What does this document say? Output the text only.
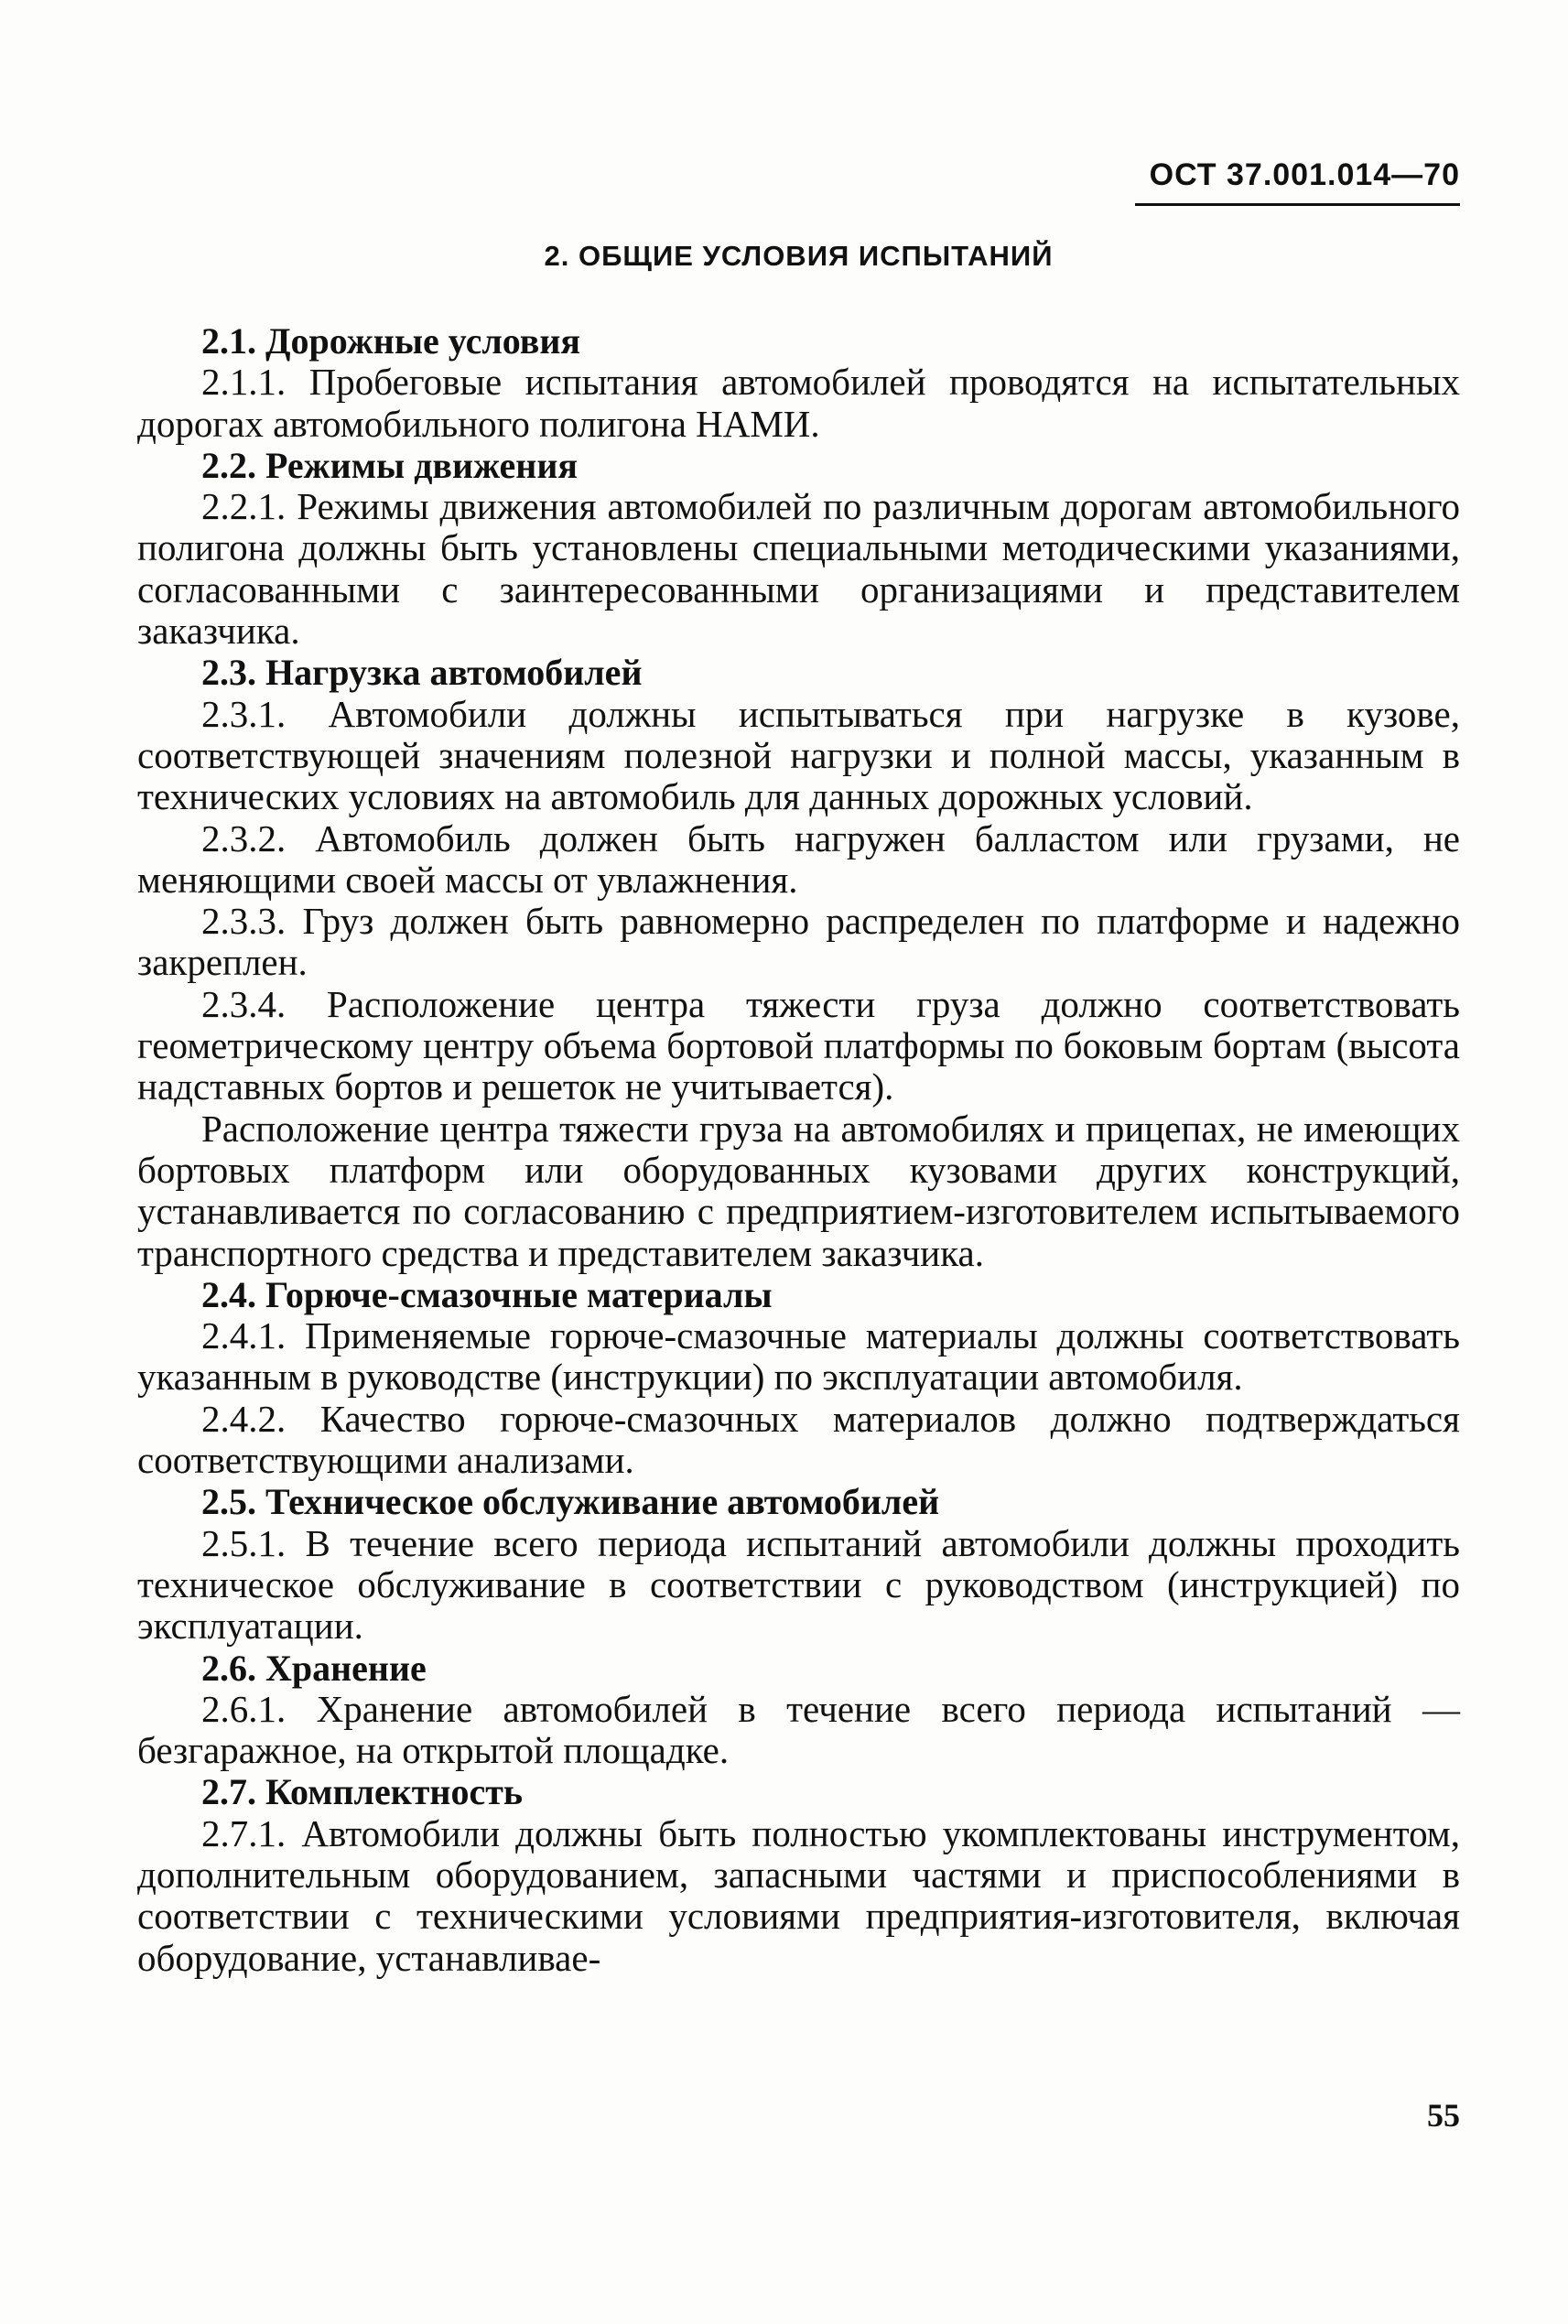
ОСТ 37.001.014—70
2. ОБЩИЕ УСЛОВИЯ ИСПЫТАНИЙ

2.1. Дорожные условия

2.1.1. Пробеговые испытания автомобилей проводятся на испытательных дорогах автомобильного полигона НАМИ.

2.2. Режимы движения

2.2.1. Режимы движения автомобилей по различным дорогам автомобильного полигона должны быть установлены специальными методическими указаниями, согласованными с заинтересованными организациями и представителем заказчика.

2.3. Нагрузка автомобилей

2.3.1. Автомобили должны испытываться при нагрузке в кузове, соответствующей значениям полезной нагрузки и полной массы, указанным в технических условиях на автомобиль для данных дорожных условий.

2.3.2. Автомобиль должен быть нагружен балластом или грузами, не меняющими своей массы от увлажнения.

2.3.3. Груз должен быть равномерно распределен по платформе и надежно закреплен.

2.3.4. Расположение центра тяжести груза должно соответствовать геометрическому центру объема бортовой платформы по боковым бортам (высота надставных бортов и решеток не учитывается).

Расположение центра тяжести груза на автомобилях и прицепах, не имеющих бортовых платформ или оборудованных кузовами других конструкций, устанавливается по согласованию с предприятием-изготовителем испытываемого транспортного средства и представителем заказчика.

2.4. Горюче-смазочные материалы

2.4.1. Применяемые горюче-смазочные материалы должны соответствовать указанным в руководстве (инструкции) по эксплуатации автомобиля.

2.4.2. Качество горюче-смазочных материалов должно подтверждаться соответствующими анализами.

2.5. Техническое обслуживание автомобилей

2.5.1. В течение всего периода испытаний автомобили должны проходить техническое обслуживание в соответствии с руководством (инструкцией) по эксплуатации.

2.6. Хранение

2.6.1. Хранение автомобилей в течение всего периода испытаний — безгаражное, на открытой площадке.

2.7. Комплектность

2.7.1. Автомобили должны быть полностью укомплектованы инструментом, дополнительным оборудованием, запасными частями и приспособлениями в соответствии с техническими условиями предприятия-изготовителя, включая оборудование, устанавливае-

55
